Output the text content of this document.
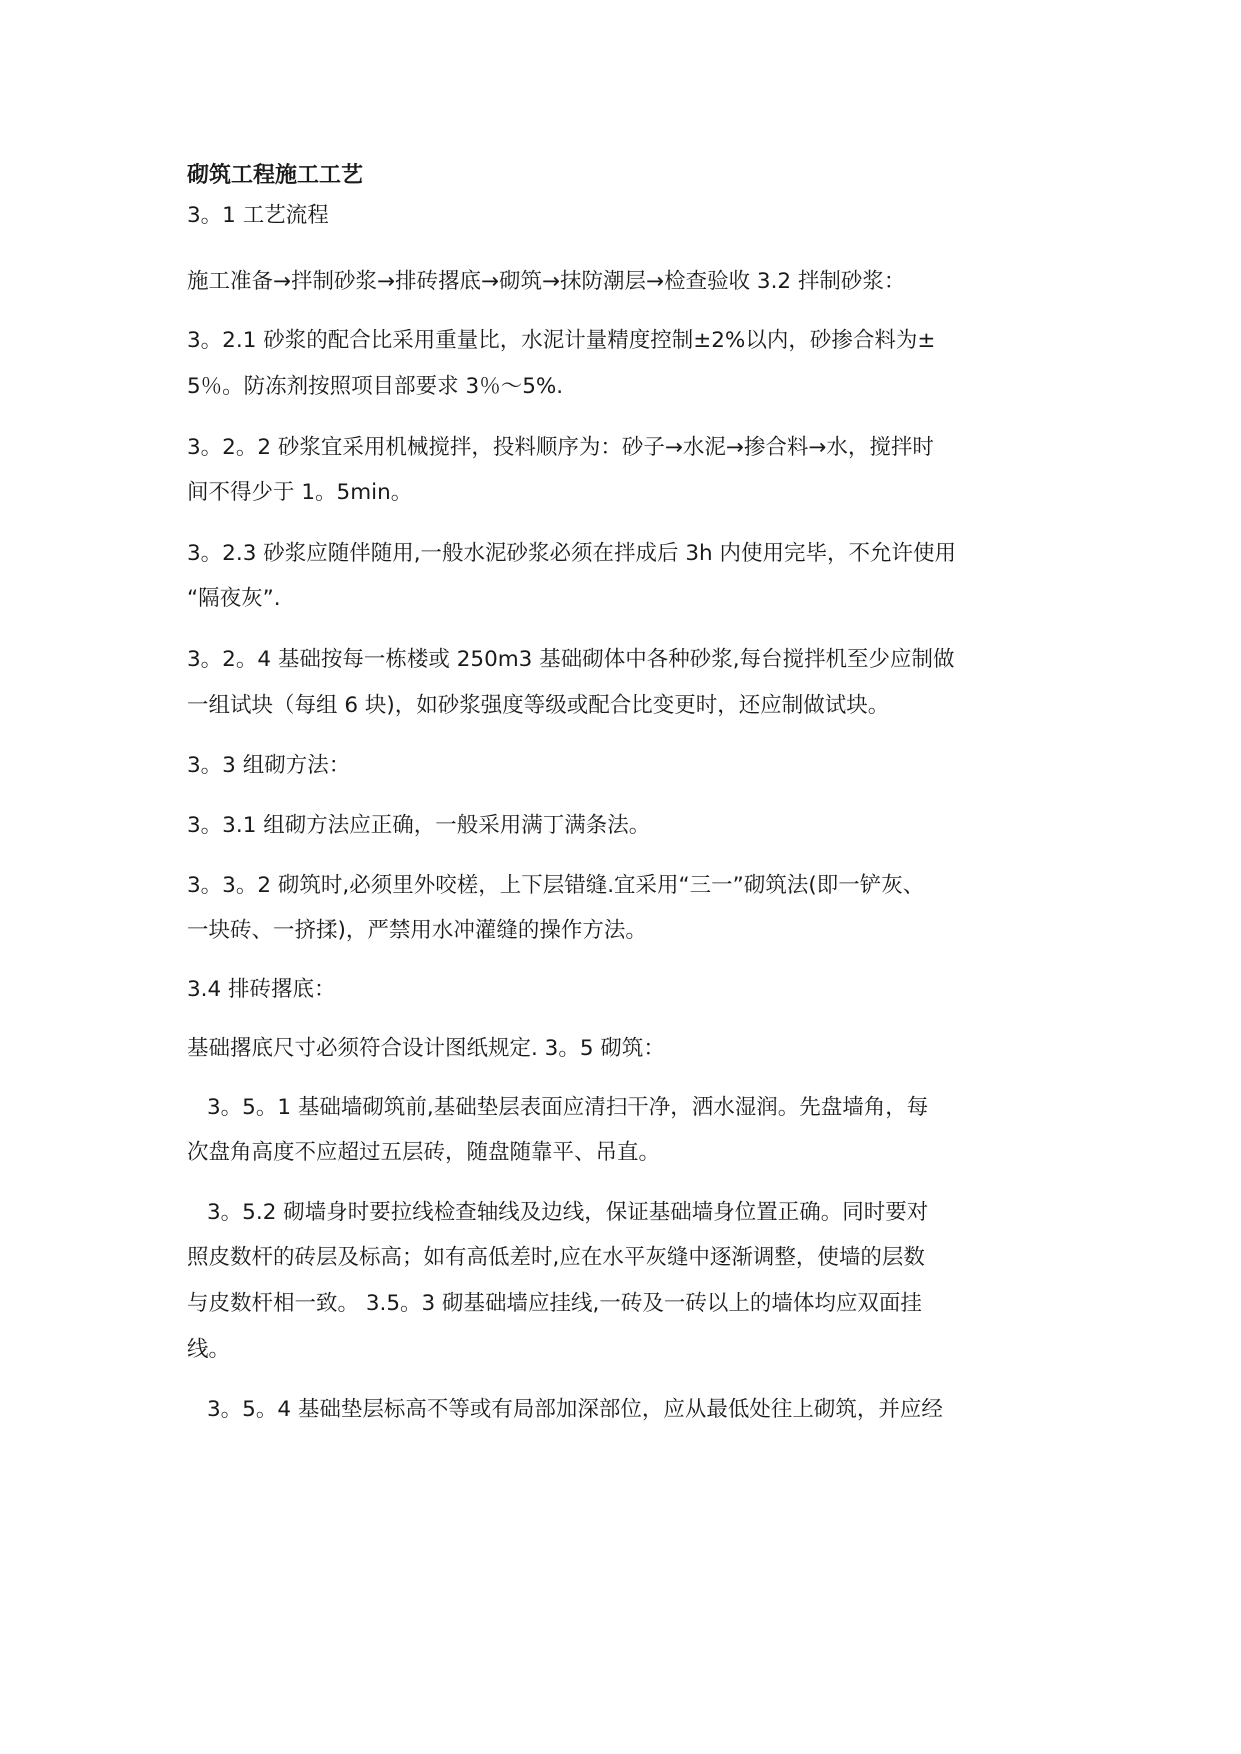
砌筑工程施工工艺
3。1 工艺流程
施工准备→拌制砂浆→排砖撂底→砌筑→抹防潮层→检查验收 3.2 拌制砂浆：
3。2.1 砂浆的配合比采用重量比，水泥计量精度控制±2%以内，砂掺合料为±
5％。防冻剂按照项目部要求 3％～5%.
3。2。2 砂浆宜采用机械搅拌，投料顺序为：砂子→水泥→掺合料→水，搅拌时
间不得少于 1。5min。
3。2.3 砂浆应随伴随用,一般水泥砂浆必须在拌成后 3h 内使用完毕，不允许使用
“隔夜灰”.
3。2。4 基础按每一栋楼或 250m3 基础砌体中各种砂浆,每台搅拌机至少应制做
一组试块（每组 6 块)，如砂浆强度等级或配合比变更时，还应制做试块。
3。3 组砌方法：
3。3.1 组砌方法应正确，一般采用满丁满条法。
3。3。2 砌筑时,必须里外咬槎，上下层错缝.宜采用“三一”砌筑法(即一铲灰、
一块砖、一挤揉)，严禁用水冲灌缝的操作方法。
3.4 排砖撂底：
基础撂底尺寸必须符合设计图纸规定. 3。5 砌筑：
3。5。1 基础墙砌筑前,基础垫层表面应清扫干净，洒水湿润。先盘墙角，每
次盘角高度不应超过五层砖，随盘随靠平、吊直。
3。5.2 砌墙身时要拉线检查轴线及边线，保证基础墙身位置正确。同时要对
照皮数杆的砖层及标高；如有高低差时,应在水平灰缝中逐渐调整，使墙的层数
与皮数杆相一致。 3.5。3 砌基础墙应挂线,一砖及一砖以上的墙体均应双面挂
线。
3。5。4 基础垫层标高不等或有局部加深部位，应从最低处往上砌筑，并应经
